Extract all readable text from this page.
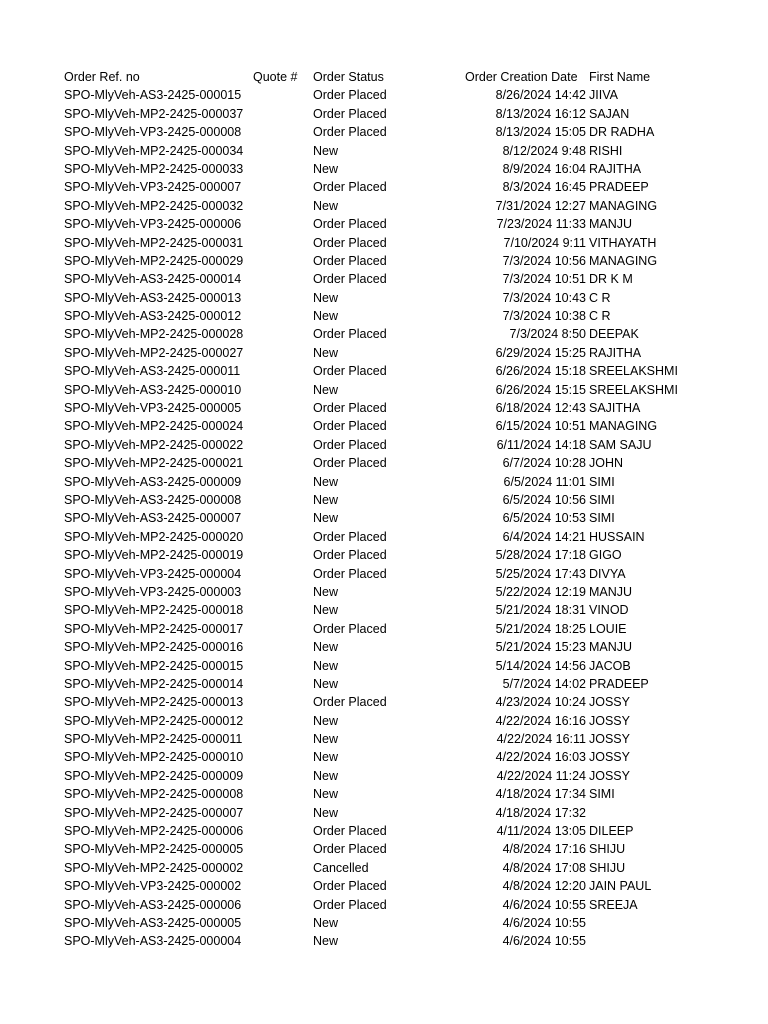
Order Ref. no	Quote #	Order Status	Order Creation Date First Name
SPO-MlyVeh-AS3-2425-000015	Order Placed	8/26/2024 14:42 JIIVA
SPO-MlyVeh-MP2-2425-000037	Order Placed	8/13/2024 16:12 SAJAN
SPO-MlyVeh-VP3-2425-000008	Order Placed	8/13/2024 15:05 DR RADHA
SPO-MlyVeh-MP2-2425-000034	New	8/12/2024 9:48 RISHI
SPO-MlyVeh-MP2-2425-000033	New	8/9/2024 16:04 RAJITHA
SPO-MlyVeh-VP3-2425-000007	Order Placed	8/3/2024 16:45 PRADEEP
SPO-MlyVeh-MP2-2425-000032	New	7/31/2024 12:27 MANAGING
SPO-MlyVeh-VP3-2425-000006	Order Placed	7/23/2024 11:33 MANJU
SPO-MlyVeh-MP2-2425-000031	Order Placed	7/10/2024 9:11 VITHAYATH
SPO-MlyVeh-MP2-2425-000029	Order Placed	7/3/2024 10:56 MANAGING
SPO-MlyVeh-AS3-2425-000014	Order Placed	7/3/2024 10:51 DR K M
SPO-MlyVeh-AS3-2425-000013	New	7/3/2024 10:43 C R
SPO-MlyVeh-AS3-2425-000012	New	7/3/2024 10:38 C R
SPO-MlyVeh-MP2-2425-000028	Order Placed	7/3/2024 8:50 DEEPAK
SPO-MlyVeh-MP2-2425-000027	New	6/29/2024 15:25 RAJITHA
SPO-MlyVeh-AS3-2425-000011	Order Placed	6/26/2024 15:18 SREELAKSHMI
SPO-MlyVeh-AS3-2425-000010	New	6/26/2024 15:15 SREELAKSHMI
SPO-MlyVeh-VP3-2425-000005	Order Placed	6/18/2024 12:43 SAJITHA
SPO-MlyVeh-MP2-2425-000024	Order Placed	6/15/2024 10:51 MANAGING
SPO-MlyVeh-MP2-2425-000022	Order Placed	6/11/2024 14:18 SAM SAJU
SPO-MlyVeh-MP2-2425-000021	Order Placed	6/7/2024 10:28 JOHN
SPO-MlyVeh-AS3-2425-000009	New	6/5/2024 11:01 SIMI
SPO-MlyVeh-AS3-2425-000008	New	6/5/2024 10:56 SIMI
SPO-MlyVeh-AS3-2425-000007	New	6/5/2024 10:53 SIMI
SPO-MlyVeh-MP2-2425-000020	Order Placed	6/4/2024 14:21 HUSSAIN
SPO-MlyVeh-MP2-2425-000019	Order Placed	5/28/2024 17:18 GIGO
SPO-MlyVeh-VP3-2425-000004	Order Placed	5/25/2024 17:43 DIVYA
SPO-MlyVeh-VP3-2425-000003	New	5/22/2024 12:19 MANJU
SPO-MlyVeh-MP2-2425-000018	New	5/21/2024 18:31 VINOD
SPO-MlyVeh-MP2-2425-000017	Order Placed	5/21/2024 18:25 LOUIE
SPO-MlyVeh-MP2-2425-000016	New	5/21/2024 15:23 MANJU
SPO-MlyVeh-MP2-2425-000015	New	5/14/2024 14:56 JACOB
SPO-MlyVeh-MP2-2425-000014	New	5/7/2024 14:02 PRADEEP
SPO-MlyVeh-MP2-2425-000013	Order Placed	4/23/2024 10:24 JOSSY
SPO-MlyVeh-MP2-2425-000012	New	4/22/2024 16:16 JOSSY
SPO-MlyVeh-MP2-2425-000011	New	4/22/2024 16:11 JOSSY
SPO-MlyVeh-MP2-2425-000010	New	4/22/2024 16:03 JOSSY
SPO-MlyVeh-MP2-2425-000009	New	4/22/2024 11:24 JOSSY
SPO-MlyVeh-MP2-2425-000008	New	4/18/2024 17:34 SIMI
SPO-MlyVeh-MP2-2425-000007	New	4/18/2024 17:32
SPO-MlyVeh-MP2-2425-000006	Order Placed	4/11/2024 13:05 DILEEP
SPO-MlyVeh-MP2-2425-000005	Order Placed	4/8/2024 17:16 SHIJU
SPO-MlyVeh-MP2-2425-000002	Cancelled	4/8/2024 17:08 SHIJU
SPO-MlyVeh-VP3-2425-000002	Order Placed	4/8/2024 12:20 JAIN PAUL
SPO-MlyVeh-AS3-2425-000006	Order Placed	4/6/2024 10:55 SREEJA
SPO-MlyVeh-AS3-2425-000005	New	4/6/2024 10:55
SPO-MlyVeh-AS3-2425-000004	New	4/6/2024 10:55
